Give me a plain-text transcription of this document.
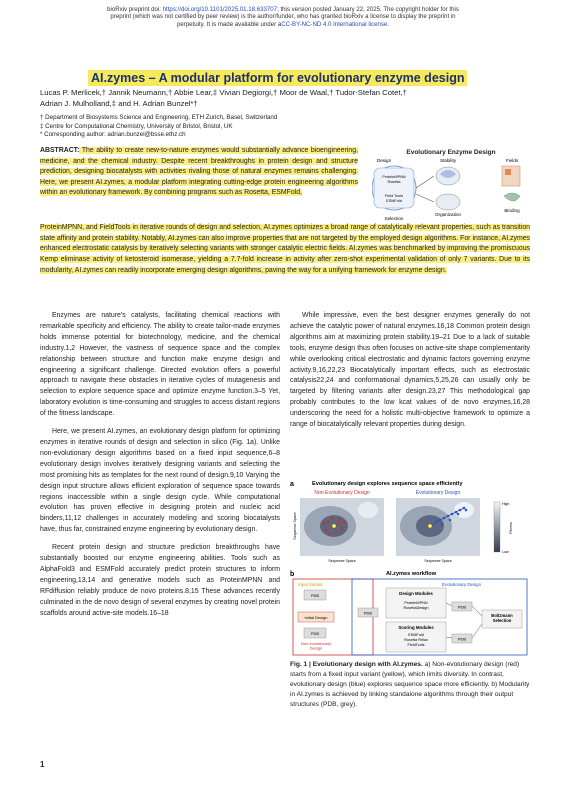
bioRxiv preprint doi: https://doi.org/10.1101/2025.01.18.633707; this version posted January 22, 2025. The copyright holder for this
preprint (which was not certified by peer review) is the author/funder, who has granted bioRxiv a license to display the preprint in
perpetuity. It is made available under aCC-BY-NC-ND 4.0 International license.
AI.zymes – A modular platform for evolutionary enzyme design
Lucas P. Merlicek,† Jannik Neumann,† Abbie Lear,‡ Vivian Degiorgi,† Moor de Waal,† Tudor-Stefan Cotet,†
Adrian J. Mulholland,‡ and H. Adrian Bunzel*†
† Department of Biosystems Science and Engineering, ETH Zurich, Basel, Switzerland
‡ Centre for Computational Chemistry, University of Bristol, Bristol, UK
* Corresponding author: adrian.bunzel@bsse.ethz.ch
ABSTRACT: The ability to create new-to-nature enzymes would substantially advance bioengineering, medicine, and the chemical industry. Despite recent breakthroughs in protein design and structure prediction, designing biocatalysts with activities rivaling those of natural enzymes remains challenging. Here, we present AI.zymes, a modular platform integrating cutting-edge protein engineering algorithms within an evolutionary framework. By combining programs such as Rosetta, ESMFold,
Evolutionary Enzyme Design
Design	Stability	Fields
ProteinMPNN
Rosetta
Field Tools
ESMFold
Selection
Organization
Binding
ProteinMPNN, and FieldTools in iterative rounds of design and selection, AI.zymes optimizes a broad range of catalytically relevant properties, such as transition state affinity and protein stability. Notably, AI.zymes can also improve properties that are not targeted by the employed design algorithms. For instance, AI.zymes enhanced electrostatic catalysis by iteratively selecting variants with stronger catalytic electric fields. AI.zymes was benchmarked by improving the promiscuous Kemp eliminase activity of ketosteroid isomerase, yielding a 7.7-fold increase in activity after zero-shot experimental validation of only 7 variants. Due to its modularity, AI.zymes can readily incorporate emerging design algorithms, paving the way for a unifying framework for enzyme design.

Enzymes are nature's catalysts, facilitating chemical reactions with remarkable specificity and efficiency. The ability to create tailor-made enzymes holds immense potential for biotechnology, medicine, and the chemical industry.1,2 However, the vastness of sequence space and the complex relationship between structure and function make enzyme design and engineering a significant challenge. Directed evolution offers a powerful approach to navigate these obstacles in iterative cycles of mutagenesis and selection to explore sequence space and optimize enzyme function.3–5 Yet, laboratory evolution is time-consuming and struggles to access distant regions of the fitness landscape.

Here, we present AI.zymes, an evolutionary design platform for optimizing enzymes in iterative rounds of design and selection in silico (Fig. 1a). Unlike non-evolutionary design algorithms based on a fixed input sequence,6–8 evolutionary design involves iteratively designing variants and selecting the most promising hits as templates for the next round of design.9,10 Varying the design input structure allows efficient exploration of sequence space towards regions inaccessible within a single design cycle. While computational evolution has proven effective in designing protein and nucleic acid binders,11,12 challenges in accurately modeling and scoring biocatalysts have, thus far, constrained enzyme engineering by evolutionary design.

Recent protein design and structure prediction breakthroughs have substantially boosted our enzyme engineering abilities. Tools such as AlphaFold3 and ESMFold accurately predict protein structures to inform engineering,13,14 and generative models such as ProteinMPNN and RFdiffusion reliably produce de novo proteins.8,15 These advances recently culminated in the de novo design of several enzymes by creating novel protein scaffolds around active-site models.16–18

While impressive, even the best designer enzymes generally do not achieve the catalytic power of natural enzymes.16,18 Common protein design algorithms aim at maximizing protein stability.19–21 Due to a lack of suitable tools, enzyme design thus often focuses on active-site shape complementarity while overlooking critical electrostatic and dynamic factors governing enzyme activity.9,16,22,23 Biocatalytically important effects, such as electrostatic catalysis22,24 and conformational dynamics,5,25,26 can usually only be targeted by filtering variants after design.23,27 This methodological gap probably contributes to the low kcat values of de novo enzymes,16,28 underscoring the need for a holistic multi-objective framework to optimize a range of biocatalytically relevant properties during design.

a	Evolutionary design explores sequence space efficiently
Non-Evolutionary Design	Evolutionary Design
Sequence Space
Sequence Space	Sequence Space
High
Low
Fitness
b	AI.zymes workflow
Input Variant	Evolutionary Design
PDB
Initial Design
PDB
Non-evolutionary Design
Design Modules
ProteinMPNN RosettaDesign
Scoring Modules
ESMFold Rosetta Relax FieldTools
PDB
PDB
PDB
Boltzmann Selection
Fig. 1 | Evolutionary design with AI.zymes. a) Non-evolutionary design (red) starts from a fixed input variant (yellow), which limits diversity. In contrast, evolutionary design (blue) explores sequence space more efficiently. b) Modularity in AI.zymes is achieved by linking standalone algorithms through their output structures (PDB, grey).
1
